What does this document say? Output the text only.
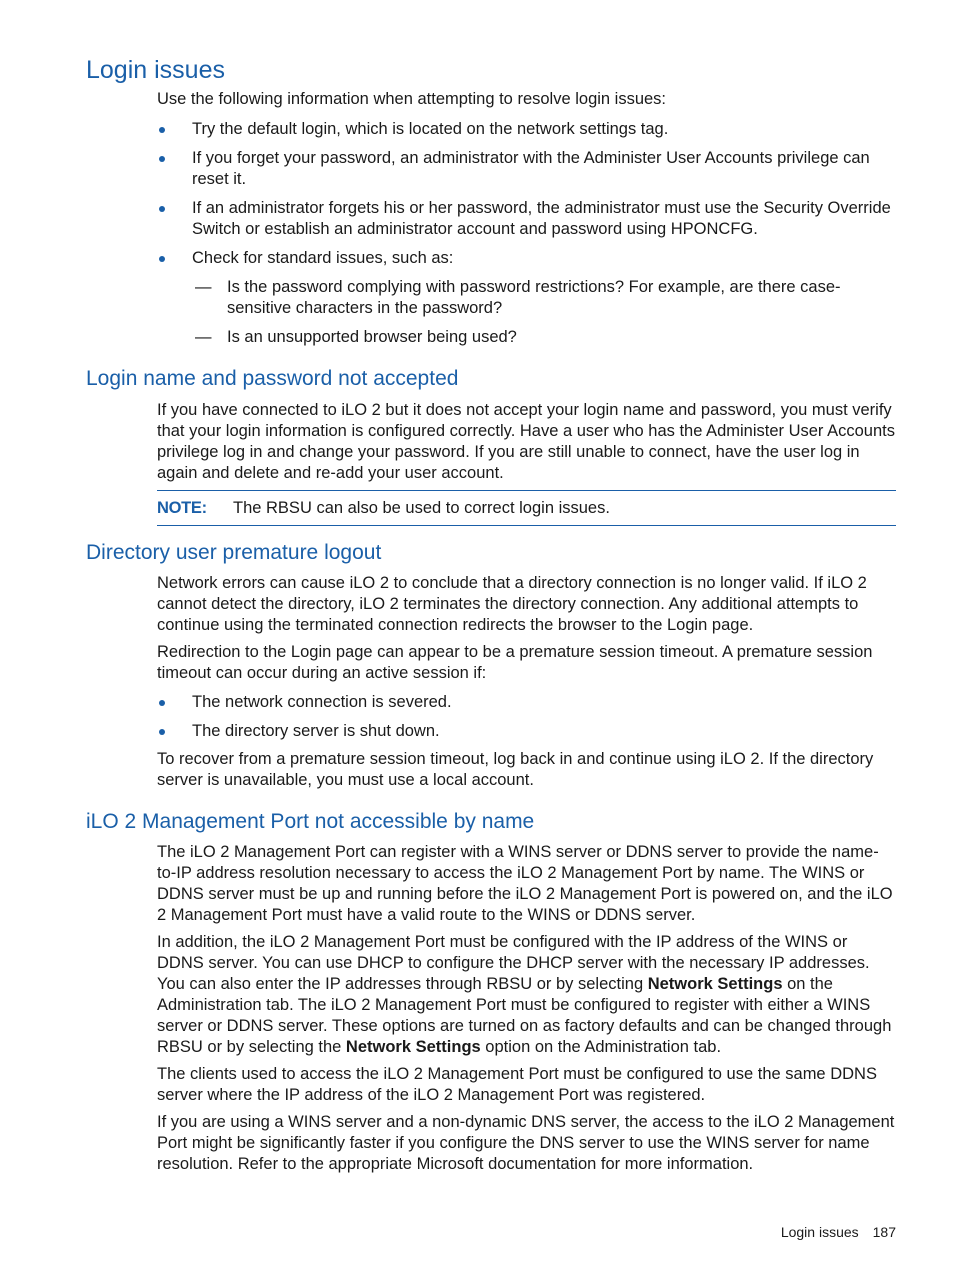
Login issues

Use the following information when attempting to resolve login issues:

Try the default login, which is located on the network settings tag.
If you forget your password, an administrator with the Administer User Accounts privilege can reset it.
If an administrator forgets his or her password, the administrator must use the Security Override Switch or establish an administrator account and password using HPONCFG.
Check for standard issues, such as:
— Is the password complying with password restrictions? For example, are there case-sensitive characters in the password?
— Is an unsupported browser being used?
Login name and password not accepted

If you have connected to iLO 2 but it does not accept your login name and password, you must verify that your login information is configured correctly. Have a user who has the Administer User Accounts privilege log in and change your password. If you are still unable to connect, have the user log in again and delete and re-add your user account.

NOTE: The RBSU can also be used to correct login issues.
Directory user premature logout

Network errors can cause iLO 2 to conclude that a directory connection is no longer valid. If iLO 2 cannot detect the directory, iLO 2 terminates the directory connection. Any additional attempts to continue using the terminated connection redirects the browser to the Login page.

Redirection to the Login page can appear to be a premature session timeout. A premature session timeout can occur during an active session if:

The network connection is severed.
The directory server is shut down.

To recover from a premature session timeout, log back in and continue using iLO 2. If the directory server is unavailable, you must use a local account.

iLO 2 Management Port not accessible by name

The iLO 2 Management Port can register with a WINS server or DDNS server to provide the name-to-IP address resolution necessary to access the iLO 2 Management Port by name. The WINS or DDNS server must be up and running before the iLO 2 Management Port is powered on, and the iLO 2 Management Port must have a valid route to the WINS or DDNS server.

In addition, the iLO 2 Management Port must be configured with the IP address of the WINS or DDNS server. You can use DHCP to configure the DHCP server with the necessary IP addresses. You can also enter the IP addresses through RBSU or by selecting Network Settings on the Administration tab. The iLO 2 Management Port must be configured to register with either a WINS server or DDNS server. These options are turned on as factory defaults and can be changed through RBSU or by selecting the Network Settings option on the Administration tab.

The clients used to access the iLO 2 Management Port must be configured to use the same DDNS server where the IP address of the iLO 2 Management Port was registered.

If you are using a WINS server and a non-dynamic DNS server, the access to the iLO 2 Management Port might be significantly faster if you configure the DNS server to use the WINS server for name resolution. Refer to the appropriate Microsoft documentation for more information.

Login issues 187
